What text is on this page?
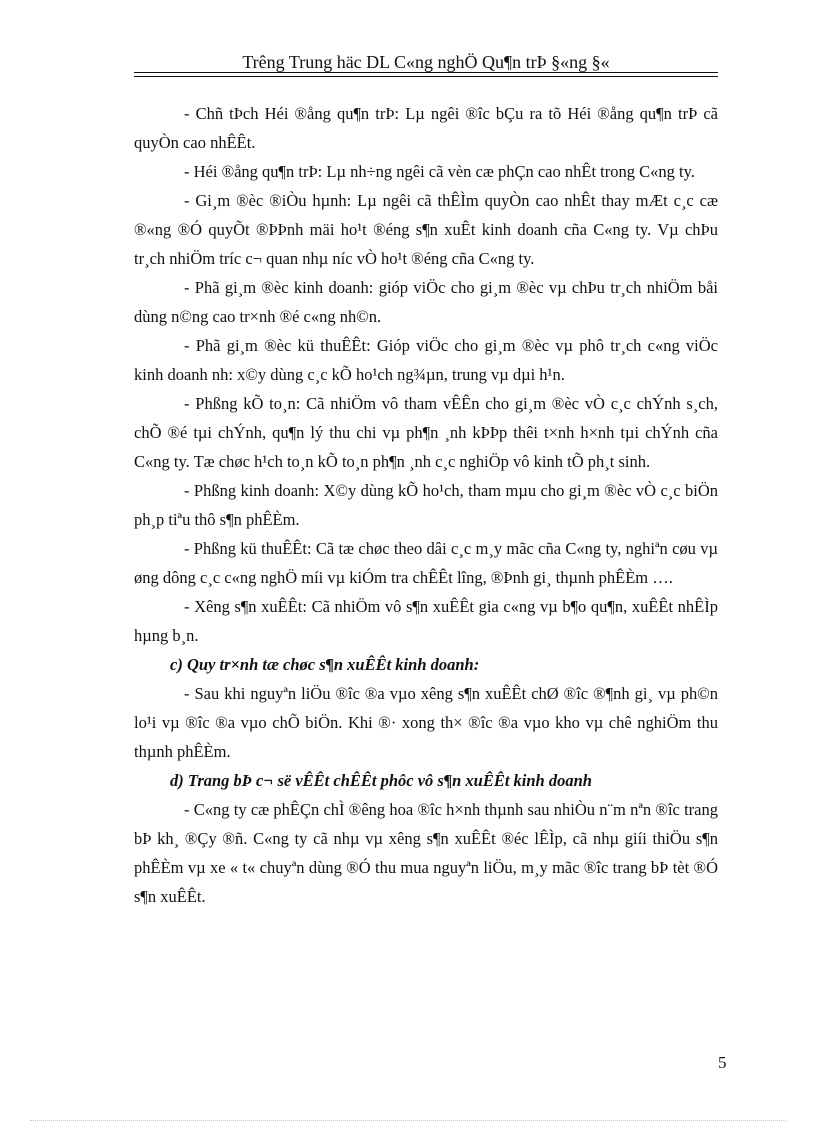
Trêng Trung häc DL C«ng nghÖ Qu¶n trÞ §«ng §«

- Chñ tÞch Héi ®ång qu¶n trÞ: Lµ ngêi ®îc bÇu ra tõ Héi ®ång qu¶n trÞ cã quyÒn cao nhÊÊt.

- Héi ®ång qu¶n trÞ: Lµ nh÷ng ngêi cã vèn cæ phÇn cao nhÊt trong C«ng ty.

- Gi¸m ®èc ®iÒu hµnh: Lµ ngêi cã thÊÌm quyÒn cao nhÊt thay mÆt c¸c cæ ®«ng ®Ó quyÕt ®ÞÞnh mäi ho¹t ®éng s¶n xuÊt kinh doanh cña C«ng ty. Vµ chÞu tr¸ch nhiÖm tríc c¬ quan nhµ níc vÒ ho¹t ®éng cña C«ng ty.

- Phã gi¸m ®èc kinh doanh: gióp viÖc cho gi¸m ®èc vµ chÞu tr¸ch nhiÖm båi dùng n©ng cao tr×nh ®é c«ng nh©n.

- Phã gi¸m ®èc kü thuÊÊt: Gióp viÖc cho gi¸m ®èc vµ phô tr¸ch c«ng viÖc kinh doanh nh: x©y dùng c¸c kÕ ho¹ch ng¾µn, trung vµ dµi h¹n.

- Phßng kÕ to¸n: Cã nhiÖm vô tham vÊÊn cho gi¸m ®èc vÒ c¸c chÝnh s¸ch, chÕ ®é tµi chÝnh, qu¶n lý thu chi vµ ph¶n ¸nh kÞÞp thêi t×nh h×nh tµi chÝnh cña C«ng ty. Tæ chøc h¹ch to¸n kÕ to¸n ph¶n ¸nh c¸c nghiÖp vô kinh tÕ ph¸t sinh.

- Phßng kinh doanh: X©y dùng kÕ ho¹ch, tham mµu cho gi¸m ®èc vÒ c¸c biÖn ph¸p tiªu thô s¶n phÊÈm.

- Phßng kü thuÊÊt: Cã tæ chøc theo dâi c¸c m¸y mãc cña C«ng ty, nghiªn cøu vµ øng dông c¸c c«ng nghÖ míi vµ kiÓm tra chÊÊt lîng, ®Þnh gi¸ thµnh phÊÈm ….

- Xêng s¶n xuÊÊt: Cã nhiÖm vô s¶n xuÊÊt gia c«ng vµ b¶o qu¶n, xuÊÊt nhÊÌp hµng b¸n.

c) Quy tr×nh tæ chøc s¶n xuÊÊt kinh doanh:

- Sau khi nguyªn liÖu ®îc ®a vµo xêng s¶n xuÊÊt chØ ®îc ®¶nh gi¸ vµ ph©n lo¹i vµ ®îc ®a vµo chÕ biÖn. Khi ®· xong th× ®îc ®a vµo kho vµ chê nghiÖm thu thµnh phÊÈm.

d) Trang bÞ c¬ së vÊÊt chÊÊt phôc vô s¶n xuÊÊt kinh doanh

- C«ng ty cæ phÊÇn chÌ ®êng hoa ®îc h×nh thµnh sau nhiÒu n¨m nªn ®îc trang bÞ kh¸ ®Çy ®ñ. C«ng ty cã nhµ vµ xêng s¶n xuÊÊt ®éc lÊÌp, cã nhµ giíi thiÖu s¶n phÊÈm vµ xe « t« chuyªn dùng ®Ó thu mua nguyªn liÖu, m¸y mãc ®îc trang bÞ tèt ®Ó s¶n xuÊÊt.

5
